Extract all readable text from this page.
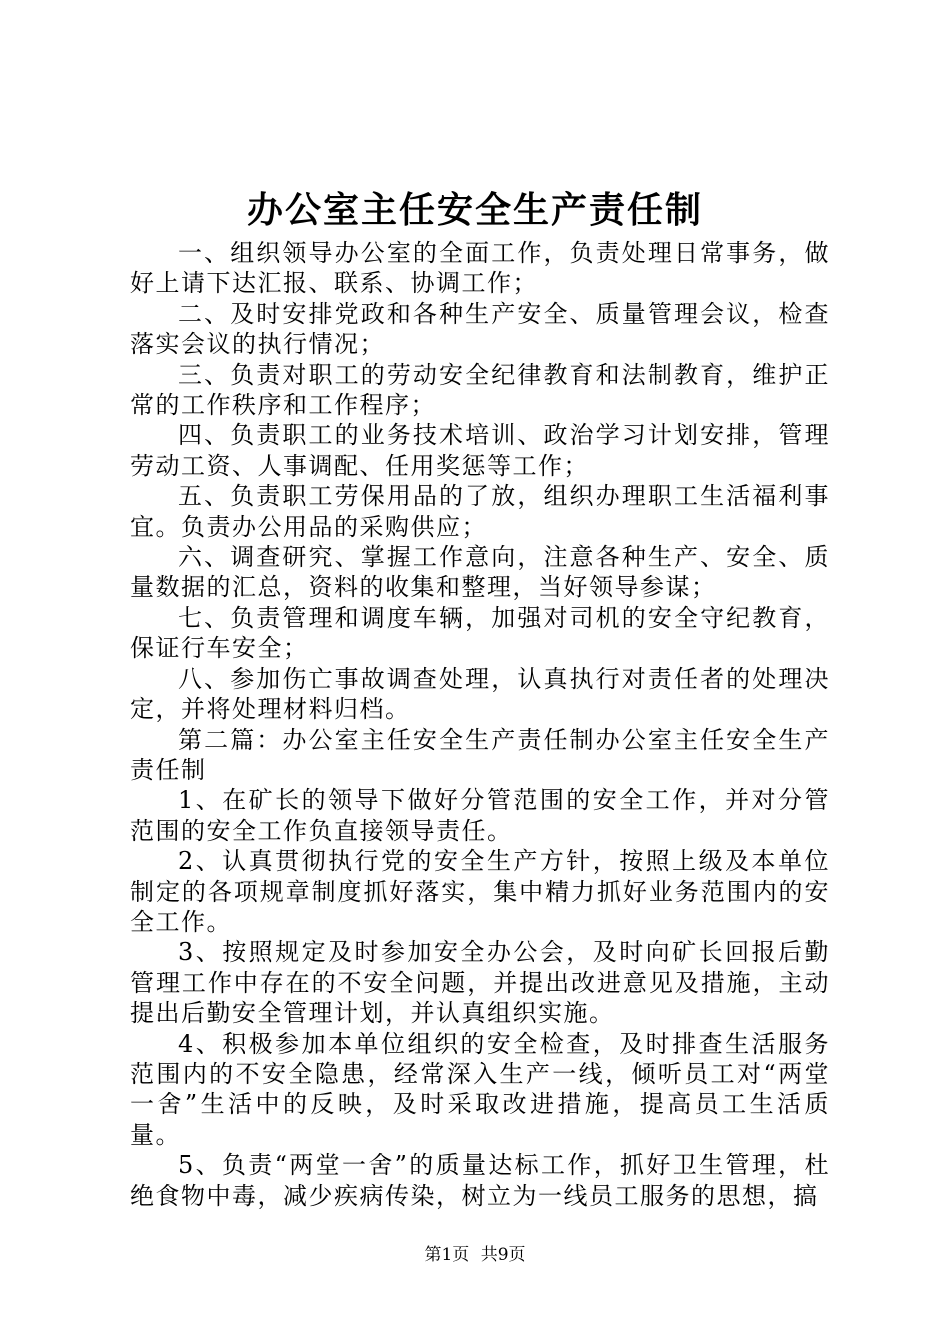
办公室主任安全生产责任制

一、组织领导办公室的全面工作，负责处理日常事务，做好上请下达汇报、联系、协调工作；

二、及时安排党政和各种生产安全、质量管理会议，检查落实会议的执行情况；

三、负责对职工的劳动安全纪律教育和法制教育，维护正常的工作秩序和工作程序；

四、负责职工的业务技术培训、政治学习计划安排，管理劳动工资、人事调配、任用奖惩等工作；

五、负责职工劳保用品的了放，组织办理职工生活福利事宜。负责办公用品的采购供应；

六、调查研究、掌握工作意向，注意各种生产、安全、质量数据的汇总，资料的收集和整理，当好领导参谋；

七、负责管理和调度车辆，加强对司机的安全守纪教育，保证行车安全；

八、参加伤亡事故调查处理，认真执行对责任者的处理决定，并将处理材料归档。

第二篇：办公室主任安全生产责任制办公室主任安全生产责任制

1、在矿长的领导下做好分管范围的安全工作，并对分管范围的安全工作负直接领导责任。

2、认真贯彻执行党的安全生产方针，按照上级及本单位制定的各项规章制度抓好落实，集中精力抓好业务范围内的安全工作。

3、按照规定及时参加安全办公会，及时向矿长回报后勤管理工作中存在的不安全问题，并提出改进意见及措施，主动提出后勤安全管理计划，并认真组织实施。

4、积极参加本单位组织的安全检查，及时排查生活服务范围内的不安全隐患，经常深入生产一线，倾听员工对“两堂一舍”生活中的反映，及时采取改进措施，提高员工生活质量。

5、负责“两堂一舍”的质量达标工作，抓好卫生管理，杜绝食物中毒，减少疾病传染，树立为一线员工服务的思想，搞

第1页 共9页
